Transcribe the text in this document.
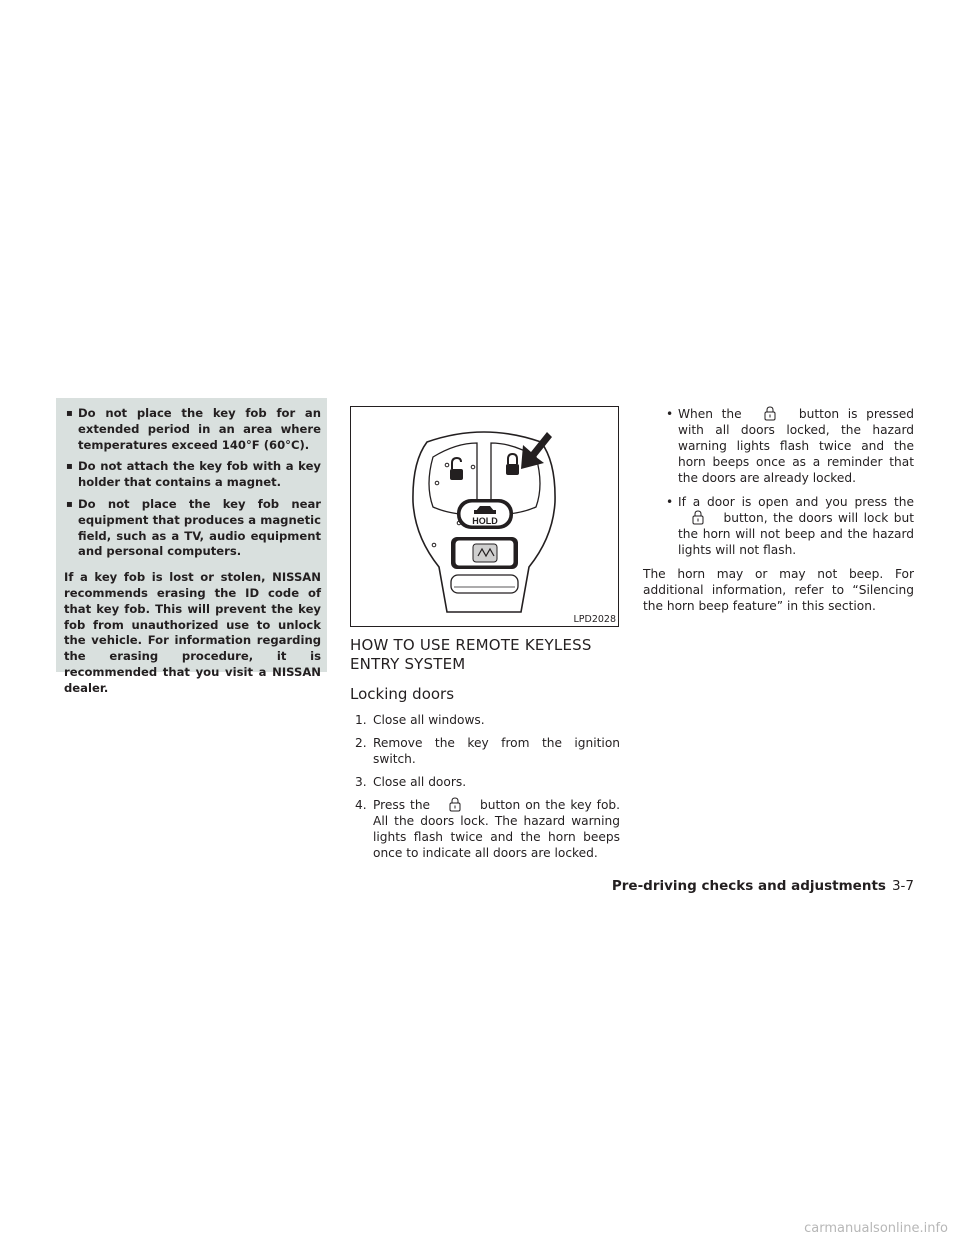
▪ Do not place the key fob for an extended period in an area where temperatures exceed 140°F (60°C).
▪ Do not attach the key fob with a key holder that contains a magnet.
▪ Do not place the key fob near equipment that produces a magnetic field, such as a TV, audio equipment and personal computers.

If a key fob is lost or stolen, NISSAN recommends erasing the ID code of that key fob. This will prevent the key fob from unauthorized use to unlock the vehicle. For information regarding the erasing procedure, it is recommended that you visit a NISSAN dealer.

HOLD
LPD2028
HOW TO USE REMOTE KEYLESS ENTRY SYSTEM
Locking doors
1. Close all windows.
2. Remove the key from the ignition switch.
3. Close all doors.
4. Press the	button on the key fob. All the doors lock. The hazard warning lights flash twice and the horn beeps once to indicate all doors are locked.
• When the	button is pressed with all doors locked, the hazard warning lights flash twice and the horn beeps once as a reminder that the doors are already locked.
• If a door is open and you press the  button, the doors will lock but the horn will not beep and the hazard lights will not flash.

The horn may or may not beep. For additional information, refer to “Silencing the horn beep feature” in this section.

Pre-driving checks and adjustments 3-7
carmanualsonline.info
